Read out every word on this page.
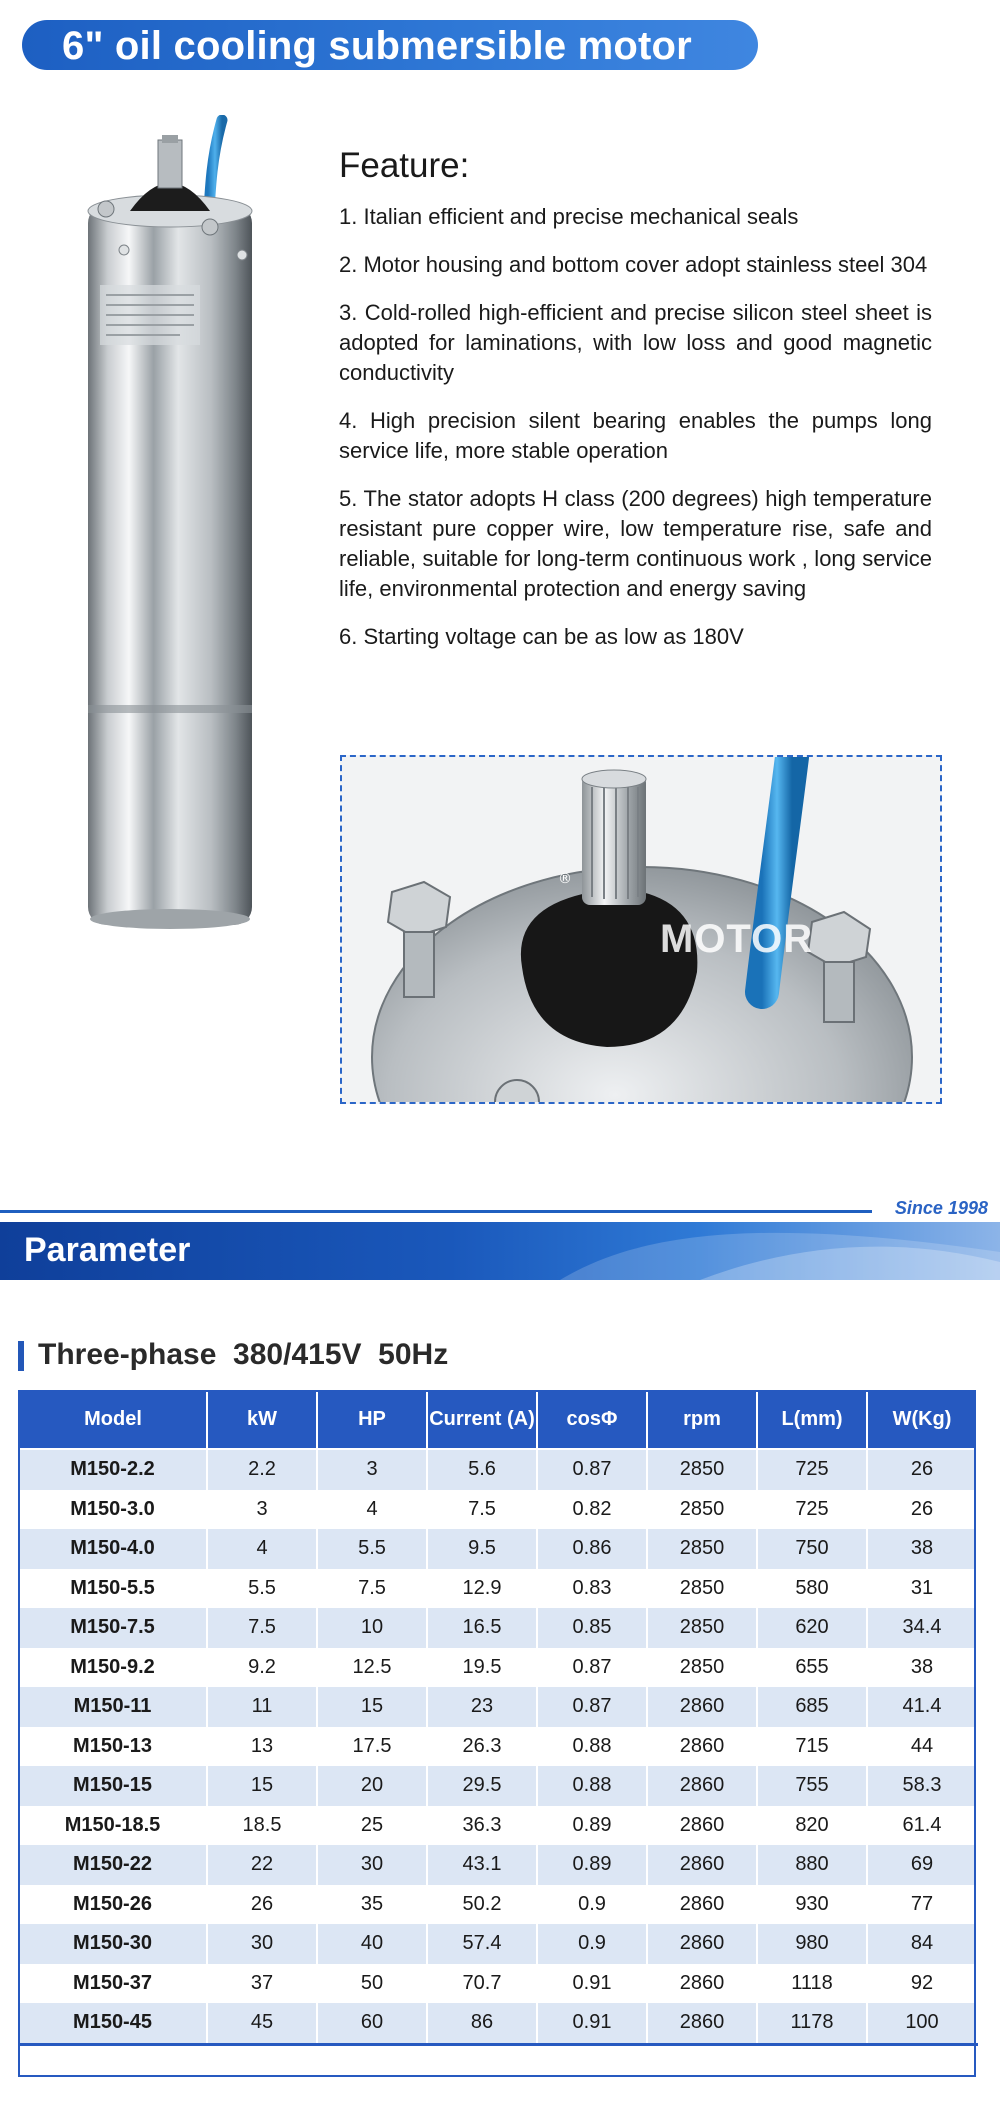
6" oil cooling submersible motor
Feature:

1. Italian efficient and precise mechanical seals

2. Motor housing and bottom cover adopt stainless steel 304

3. Cold-rolled high-efficient and precise silicon steel sheet is adopted for laminations, with low loss and good magnetic conductivity

4. High precision silent bearing enables the pumps long service life, more stable operation

5. The stator adopts H class (200 degrees) high temperature resistant pure copper wire, low temperature rise, safe and reliable, suitable for long-term continuous work , long service life, environmental protection and energy saving

6. Starting voltage can be as low as 180V

®
MOTOR
Since 1998
Parameter
Three-phase  380/415V  50Hz
Model	kW	HP	Current (A)	cosΦ	rpm	L(mm)	W(Kg)
M150-2.2	2.2	3	5.6	0.87	2850	725	26
M150-3.0	3	4	7.5	0.82	2850	725	26
M150-4.0	4	5.5	9.5	0.86	2850	750	38
M150-5.5	5.5	7.5	12.9	0.83	2850	580	31
M150-7.5	7.5	10	16.5	0.85	2850	620	34.4
M150-9.2	9.2	12.5	19.5	0.87	2850	655	38
M150-11	11	15	23	0.87	2860	685	41.4
M150-13	13	17.5	26.3	0.88	2860	715	44
M150-15	15	20	29.5	0.88	2860	755	58.3
M150-18.5	18.5	25	36.3	0.89	2860	820	61.4
M150-22	22	30	43.1	0.89	2860	880	69
M150-26	26	35	50.2	0.9	2860	930	77
M150-30	30	40	57.4	0.9	2860	980	84
M150-37	37	50	70.7	0.91	2860	1118	92
M150-45	45	60	86	0.91	2860	1178	100
